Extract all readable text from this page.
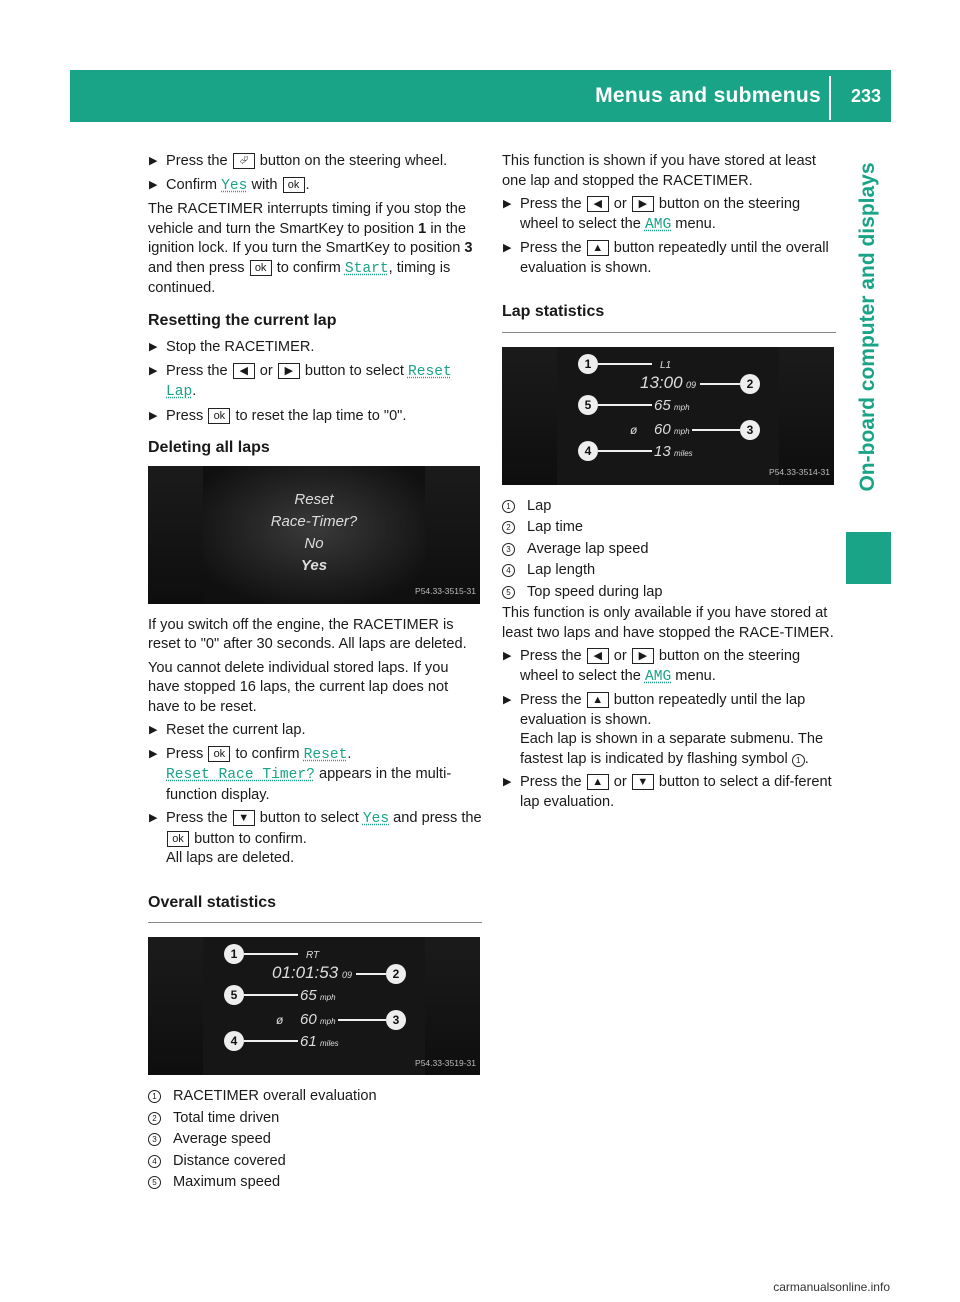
Menus and submenus 233
On-board computer and displays
▶ Press the ⮰ button on the steering wheel.
▶ Confirm Yes with ok .

The RACETIMER interrupts timing if you stop the vehicle and turn the SmartKey to position 1 in the ignition lock. If you turn the SmartKey to position 3 and then press ok to confirm Start, timing is continued.

Resetting the current lap
▶ Stop the RACETIMER.
▶ Press the ◀ or ▶ button to select Reset Lap.
▶ Press ok to reset the lap time to "0".
Deleting all laps
Reset
Race-Timer?
No
Yes
P54.33-3515-31

If you switch off the engine, the RACETIMER is reset to "0" after 30 seconds. All laps are deleted.

You cannot delete individual stored laps. If you have stopped 16 laps, the current lap does not have to be reset.

▶ Reset the current lap.
▶ Press ok to confirm Reset.
Reset Race Timer? appears in the multi-function display.
▶ Press the ▼ button to select Yes and press the ok button to confirm.
All laps are deleted.
Overall statistics
1	RT
01:01:53 09	2
5	65 mph
ø 60 mph	3
4	61 miles
P54.33-3519-31
1 RACETIMER overall evaluation
2 Total time driven
3 Average speed
4 Distance covered
5 Maximum speed

This function is shown if you have stored at least one lap and stopped the RACETIMER.

▶ Press the ◀ or ▶ button on the steering wheel to select the AMG menu.
▶ Press the ▲ button repeatedly until the overall evaluation is shown.
Lap statistics
1	L1
13:00 09	2
5	65 mph
ø 60 mph	3
4	13 miles
P54.33-3514-31
1 Lap
2 Lap time
3 Average lap speed
4 Lap length
5 Top speed during lap

This function is only available if you have stored at least two laps and have stopped the RACE-TIMER.

▶ Press the ◀ or ▶ button on the steering wheel to select the AMG menu.
▶ Press the ▲ button repeatedly until the lap evaluation is shown.
Each lap is shown in a separate submenu. The fastest lap is indicated by flashing symbol 1 .
▶ Press the ▲ or ▼ button to select a dif-ferent lap evaluation.
carmanualsonline.info
